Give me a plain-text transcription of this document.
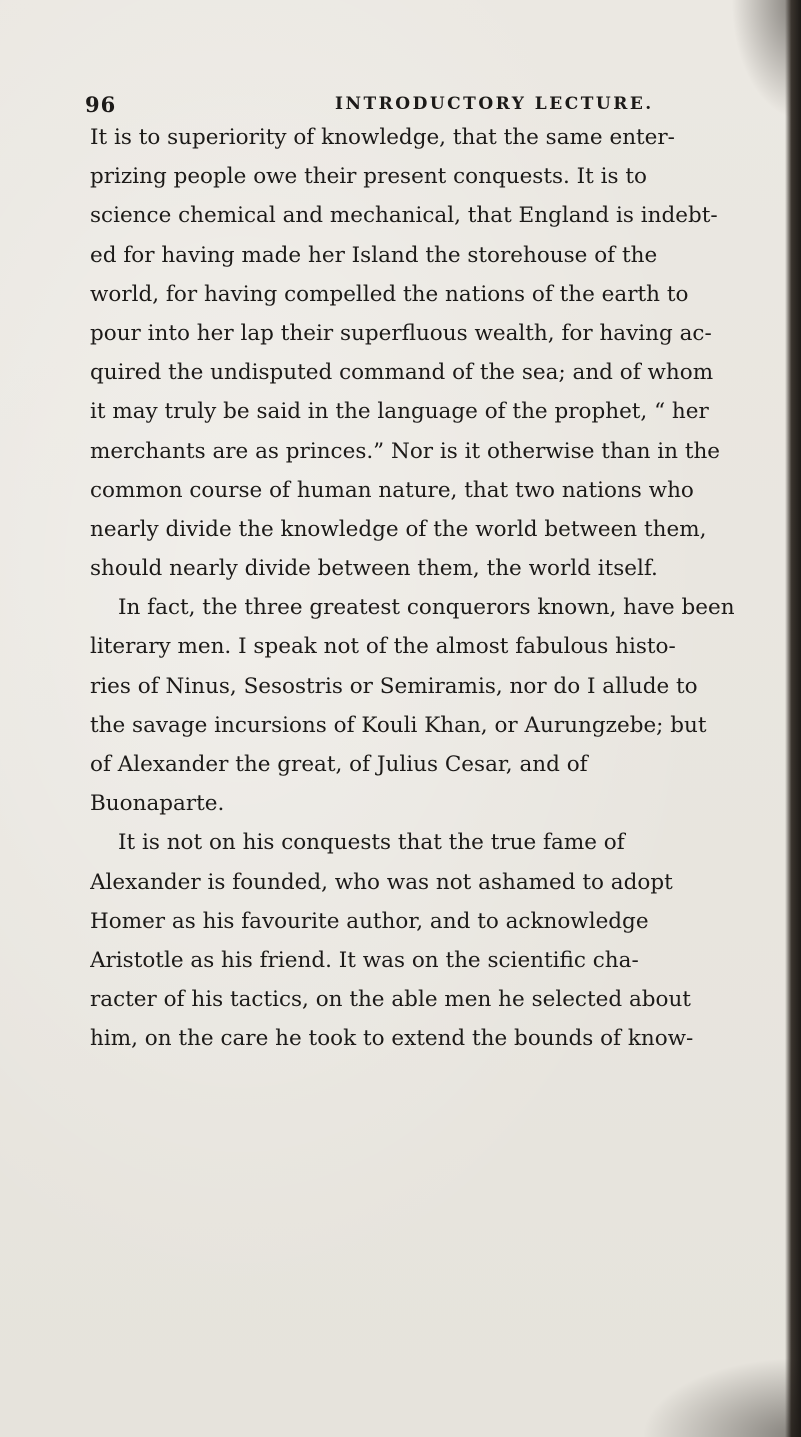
96	INTRODUCTORY LECTURE.
It is to superiority of knowledge, that the same enter-
prizing people owe their present conquests. It is to
science chemical and mechanical, that England is indebt-
ed for having made her Island the storehouse of the
world, for having compelled the nations of the earth to
pour into her lap their superfluous wealth, for having ac-
quired the undisputed command of the sea; and of whom
it may truly be said in the language of the prophet, “ her
merchants are as princes.” Nor is it otherwise than in the
common course of human nature, that two nations who
nearly divide the knowledge of the world between them,
should nearly divide between them, the world itself.
In fact, the three greatest conquerors known, have been
literary men. I speak not of the almost fabulous histo-
ries of Ninus, Sesostris or Semiramis, nor do I allude to
the savage incursions of Kouli Khan, or Aurungzebe; but
of Alexander the great, of Julius Cesar, and of
Buonaparte.
It is not on his conquests that the true fame of
Alexander is founded, who was not ashamed to adopt
Homer as his favourite author, and to acknowledge
Aristotle as his friend. It was on the scientific cha-
racter of his tactics, on the able men he selected about
him, on the care he took to extend the bounds of know-
